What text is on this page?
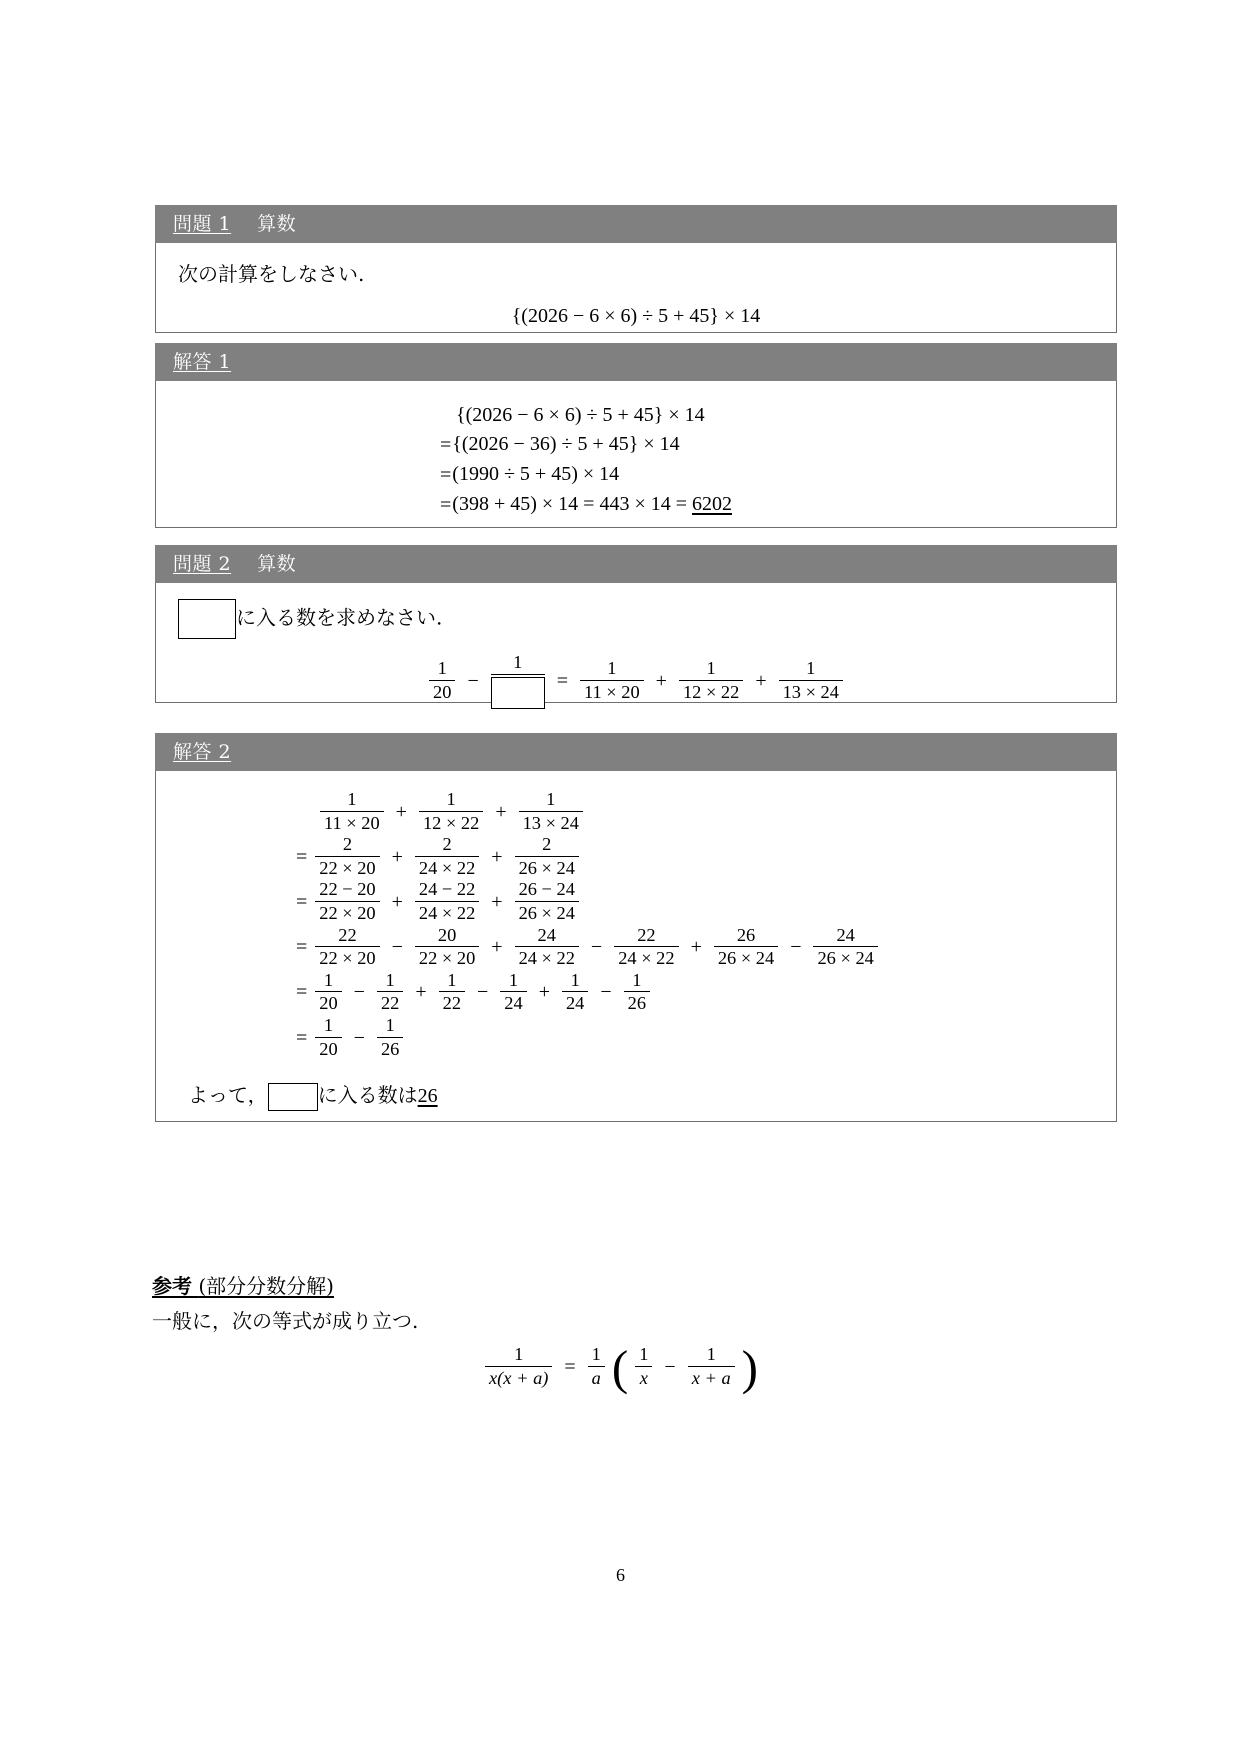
問題 1 算数
次の計算をしなさい.
{(2026 − 6 × 6) ÷ 5 + 45} × 14
解答 1
{(2026 − 6 × 6) ÷ 5 + 45} × 14
={(2026 − 36) ÷ 5 + 45} × 14
=(1990 ÷ 5 + 45) × 14
=(398 + 45) × 14 = 443 × 14 = 6202
問題 2 算数
に入る数を求めなさい.
$\frac{1}{20}$ −
1
= $\frac{1}{11 \times 20} + \frac{1}{12 \times 22} + \frac{1}{13 \times 24}$
解答 2

$\frac{1}{11 \times 20} + \frac{1}{12 \times 22} + \frac{1}{13 \times 24}$
= $\frac{2}{22 \times 20} + \frac{2}{24 \times 22} + \frac{2}{26 \times 24}$
= $\frac{22 - 20}{22 \times 20} + \frac{24 - 22}{24 \times 22} + \frac{26 - 24}{26 \times 24}$
= $\frac{22}{22 \times 20} - \frac{20}{22 \times 20} + \frac{24}{24 \times 22} - \frac{22}{24 \times 22} + \frac{26}{26 \times 24} - \frac{24}{26 \times 24}$
= $\frac{1}{20} - \frac{1}{22} + \frac{1}{22} - \frac{1}{24} + \frac{1}{24} - \frac{1}{26}$
= $\frac{1}{20} - \frac{1}{26}$
よって，	に入る数は26
参考 (部分分数分解)
一般に，次の等式が成り立つ.
$\frac{1}{x(x + a)} = \frac{1}{a}$ ( $\frac{1}{x} - \frac{1}{x + a}$ )
6
